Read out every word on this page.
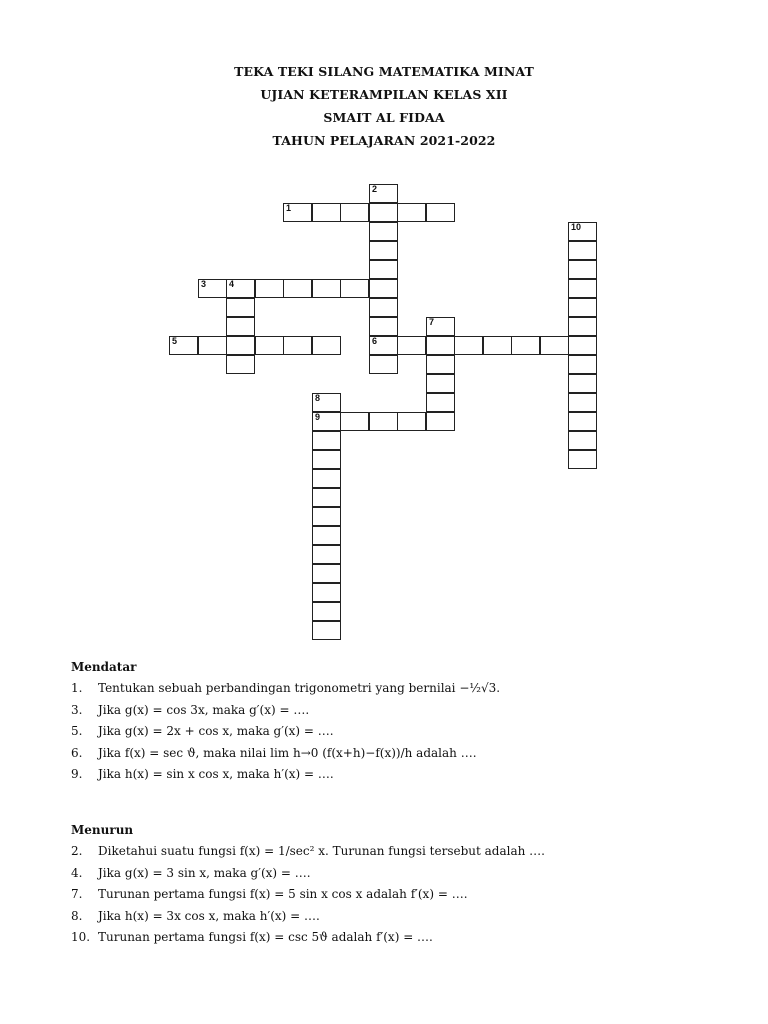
TEKA TEKI SILANG MATEMATIKA MINAT
UJIAN KETERAMPILAN KELAS XII
SMAIT AL FIDAA
TAHUN PELAJARAN 2021-2022
1
2
6
3	4
5
7
8
9
10
Mendatar
1.	Tentukan sebuah perbandingan trigonometri yang bernilai −½√3.
3.	Jika g(x) = cos 3x, maka g′(x) = ….
5.	Jika g(x) = 2x + cos x, maka g′(x) = ….
6.	Jika f(x) = sec ϑ, maka nilai lim h→0 (f(x+h)−f(x))/h adalah ….
9.	Jika h(x) = sin x cos x, maka h′(x) = ….
Menurun
2.	Diketahui suatu fungsi f(x) = 1/sec² x. Turunan fungsi tersebut adalah ….
4.	Jika g(x) = 3 sin x, maka g′(x) = ….
7.	Turunan pertama fungsi f(x) = 5 sin x cos x adalah f′(x) = ….
8.	Jika h(x) = 3x cos x, maka h′(x) = ….
10. Turunan pertama fungsi f(x) = csc 5ϑ adalah f′(x) = ….
